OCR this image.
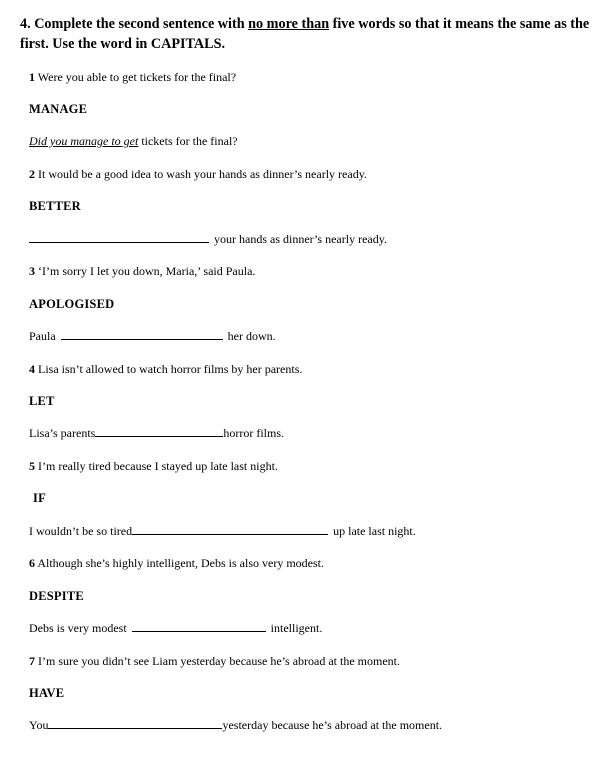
4. Complete the second sentence with no more than five words so that it means the same as the first. Use the word in CAPITALS.
1 Were you able to get tickets for the final?
MANAGE
Did you manage to get tickets for the final?
2 It would be a good idea to wash your hands as dinner’s nearly ready.
BETTER
your hands as dinner’s nearly ready.
3 ‘I’m sorry I let you down, Maria,’ said Paula.
APOLOGISED
Paula	her down.
4 Lisa isn’t allowed to watch horror films by her parents.
LET
Lisa’s parents	horror films.
5 I’m really tired because I stayed up late last night.
IF
I wouldn’t be so tired	up late last night.
6 Although she’s highly intelligent, Debs is also very modest.
DESPITE
Debs is very modest	intelligent.
7 I’m sure you didn’t see Liam yesterday because he’s abroad at the moment.
HAVE
You	yesterday because he’s abroad at the moment.
